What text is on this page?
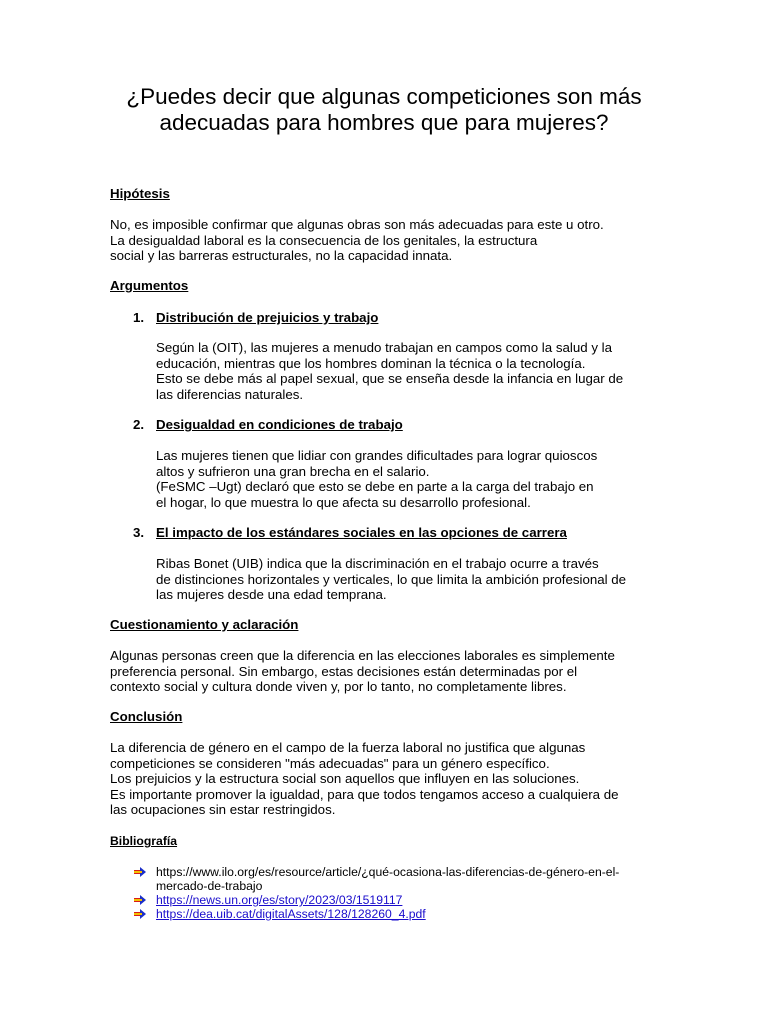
¿Puedes decir que algunas competiciones son más adecuadas para hombres que para mujeres?
Hipótesis
No, es imposible confirmar que algunas obras son más adecuadas para este u otro.
La desigualdad laboral es la consecuencia de los genitales, la estructura
social y las barreras estructurales, no la capacidad innata.
Argumentos
1. Distribución de prejuicios y trabajo
Según la (OIT), las mujeres a menudo trabajan en campos como la salud y la
educación, mientras que los hombres dominan la técnica o la tecnología.
Esto se debe más al papel sexual, que se enseña desde la infancia en lugar de
las diferencias naturales.
2. Desigualdad en condiciones de trabajo
Las mujeres tienen que lidiar con grandes dificultades para lograr quioscos
altos y sufrieron una gran brecha en el salario.
(FeSMC –Ugt) declaró que esto se debe en parte a la carga del trabajo en
el hogar, lo que muestra lo que afecta su desarrollo profesional.
3. El impacto de los estándares sociales en las opciones de carrera
Ribas Bonet (UIB) indica que la discriminación en el trabajo ocurre a través
de distinciones horizontales y verticales, lo que limita la ambición profesional de
las mujeres desde una edad temprana.
Cuestionamiento y aclaración
Algunas personas creen que la diferencia en las elecciones laborales es simplemente
preferencia personal. Sin embargo, estas decisiones están determinadas por el
contexto social y cultura donde viven y, por lo tanto, no completamente libres.
Conclusión
La diferencia de género en el campo de la fuerza laboral no justifica que algunas
competiciones se consideren "más adecuadas" para un género específico.
Los prejuicios y la estructura social son aquellos que influyen en las soluciones.
Es importante promover la igualdad, para que todos tengamos acceso a cualquiera de
las ocupaciones sin estar restringidos.
Bibliografía
https://www.ilo.org/es/resource/article/¿qué-ocasiona-las-diferencias-de-género-en-el-
mercado-de-trabajo
https://news.un.org/es/story/2023/03/1519117
https://dea.uib.cat/digitalAssets/128/128260_4.pdf
